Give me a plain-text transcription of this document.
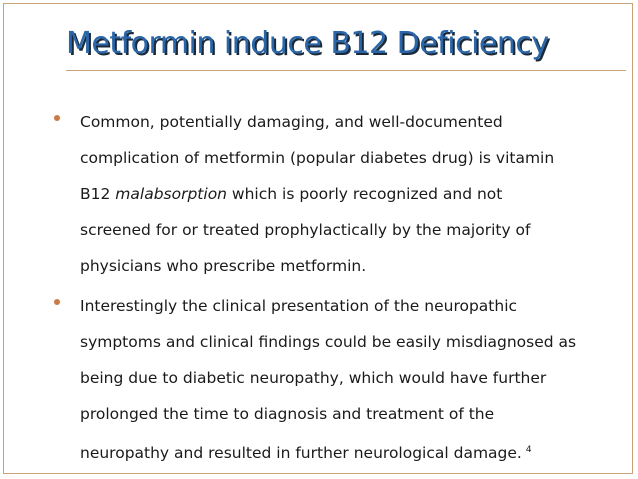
Metformin induce B12 Deficiency
Common, potentially damaging, and well-documented
complication of metformin (popular diabetes drug) is vitamin
B12 malabsorption which is poorly recognized and not
screened for or treated prophylactically by the majority of
physicians who prescribe metformin.
Interestingly the clinical presentation of the neuropathic
symptoms and clinical findings could be easily misdiagnosed as
being due to diabetic neuropathy, which would have further
prolonged the time to diagnosis and treatment of the
neuropathy and resulted in further neurological damage. $^4$
